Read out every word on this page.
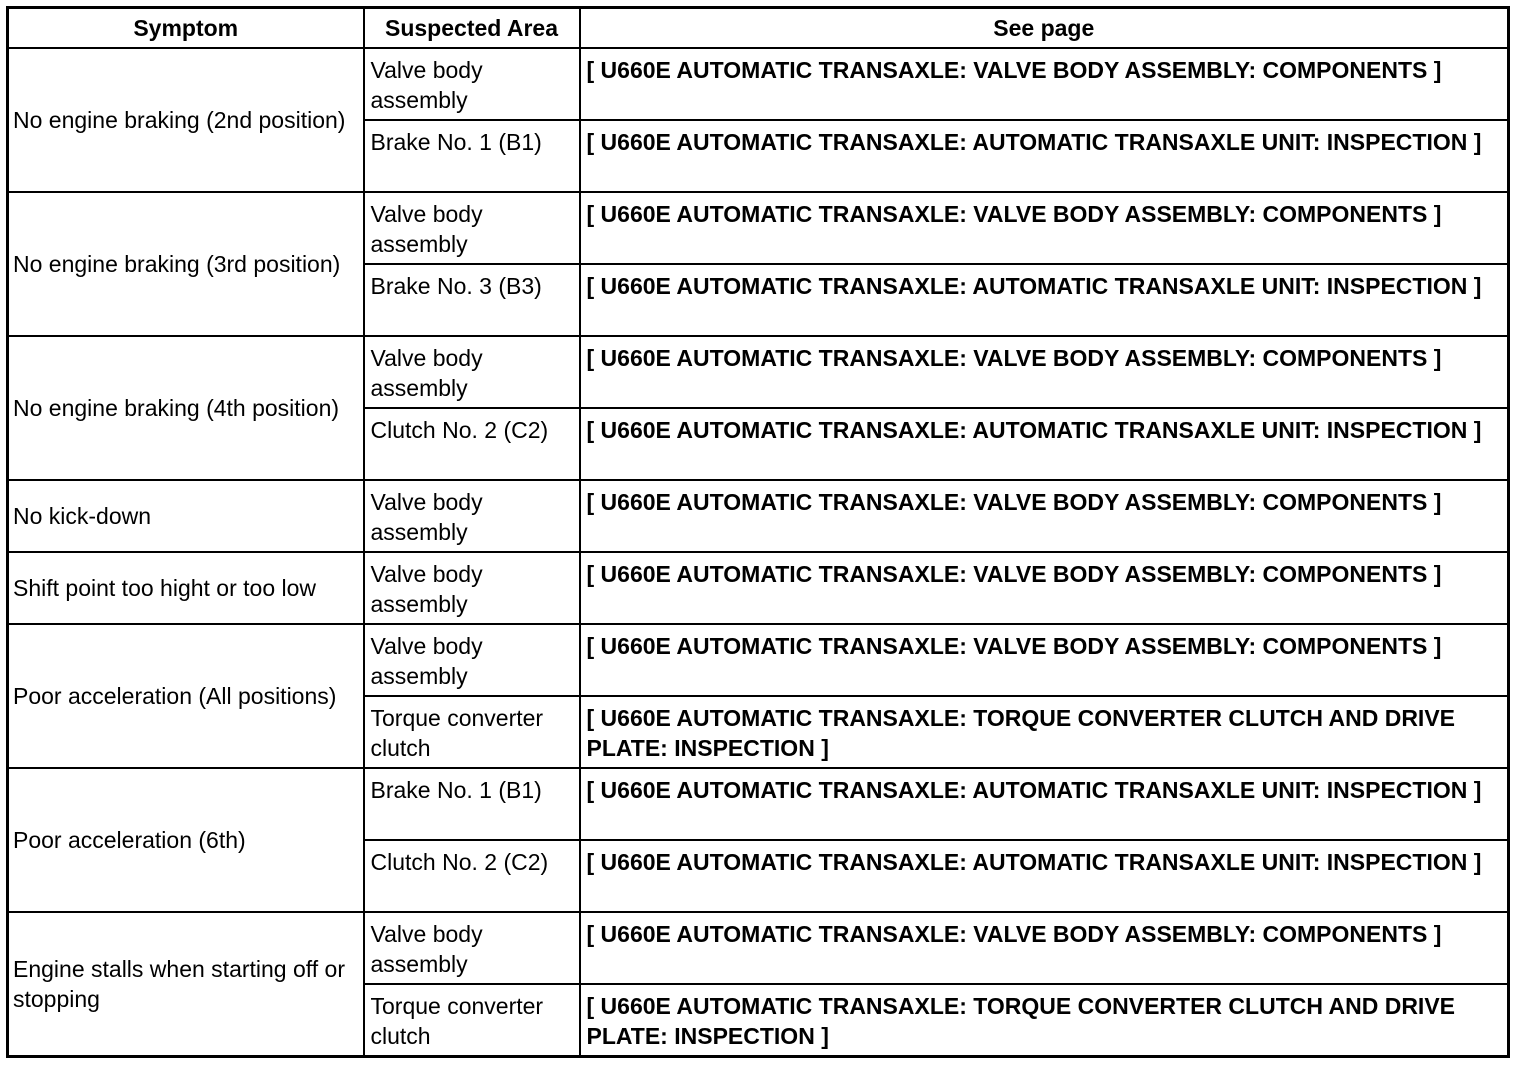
Symptom	Suspected Area	See page
No engine braking (2nd position)	Valve body assembly	[ U660E AUTOMATIC TRANSAXLE: VALVE BODY ASSEMBLY: COMPONENTS ]
	Brake No. 1 (B1)	[ U660E AUTOMATIC TRANSAXLE: AUTOMATIC TRANSAXLE UNIT: INSPECTION ]
No engine braking (3rd position)	Valve body assembly	[ U660E AUTOMATIC TRANSAXLE: VALVE BODY ASSEMBLY: COMPONENTS ]
	Brake No. 3 (B3)	[ U660E AUTOMATIC TRANSAXLE: AUTOMATIC TRANSAXLE UNIT: INSPECTION ]
No engine braking (4th position)	Valve body assembly	[ U660E AUTOMATIC TRANSAXLE: VALVE BODY ASSEMBLY: COMPONENTS ]
	Clutch No. 2 (C2)	[ U660E AUTOMATIC TRANSAXLE: AUTOMATIC TRANSAXLE UNIT: INSPECTION ]
No kick-down	Valve body assembly	[ U660E AUTOMATIC TRANSAXLE: VALVE BODY ASSEMBLY: COMPONENTS ]
Shift point too hight or too low	Valve body assembly	[ U660E AUTOMATIC TRANSAXLE: VALVE BODY ASSEMBLY: COMPONENTS ]
Poor acceleration (All positions)	Valve body assembly	[ U660E AUTOMATIC TRANSAXLE: VALVE BODY ASSEMBLY: COMPONENTS ]
	Torque converter clutch	[ U660E AUTOMATIC TRANSAXLE: TORQUE CONVERTER CLUTCH AND DRIVE PLATE: INSPECTION ]
Poor acceleration (6th)	Brake No. 1 (B1)	[ U660E AUTOMATIC TRANSAXLE: AUTOMATIC TRANSAXLE UNIT: INSPECTION ]
	Clutch No. 2 (C2)	[ U660E AUTOMATIC TRANSAXLE: AUTOMATIC TRANSAXLE UNIT: INSPECTION ]
Engine stalls when starting off or stopping	Valve body assembly	[ U660E AUTOMATIC TRANSAXLE: VALVE BODY ASSEMBLY: COMPONENTS ]
	Torque converter clutch	[ U660E AUTOMATIC TRANSAXLE: TORQUE CONVERTER CLUTCH AND DRIVE PLATE: INSPECTION ]
